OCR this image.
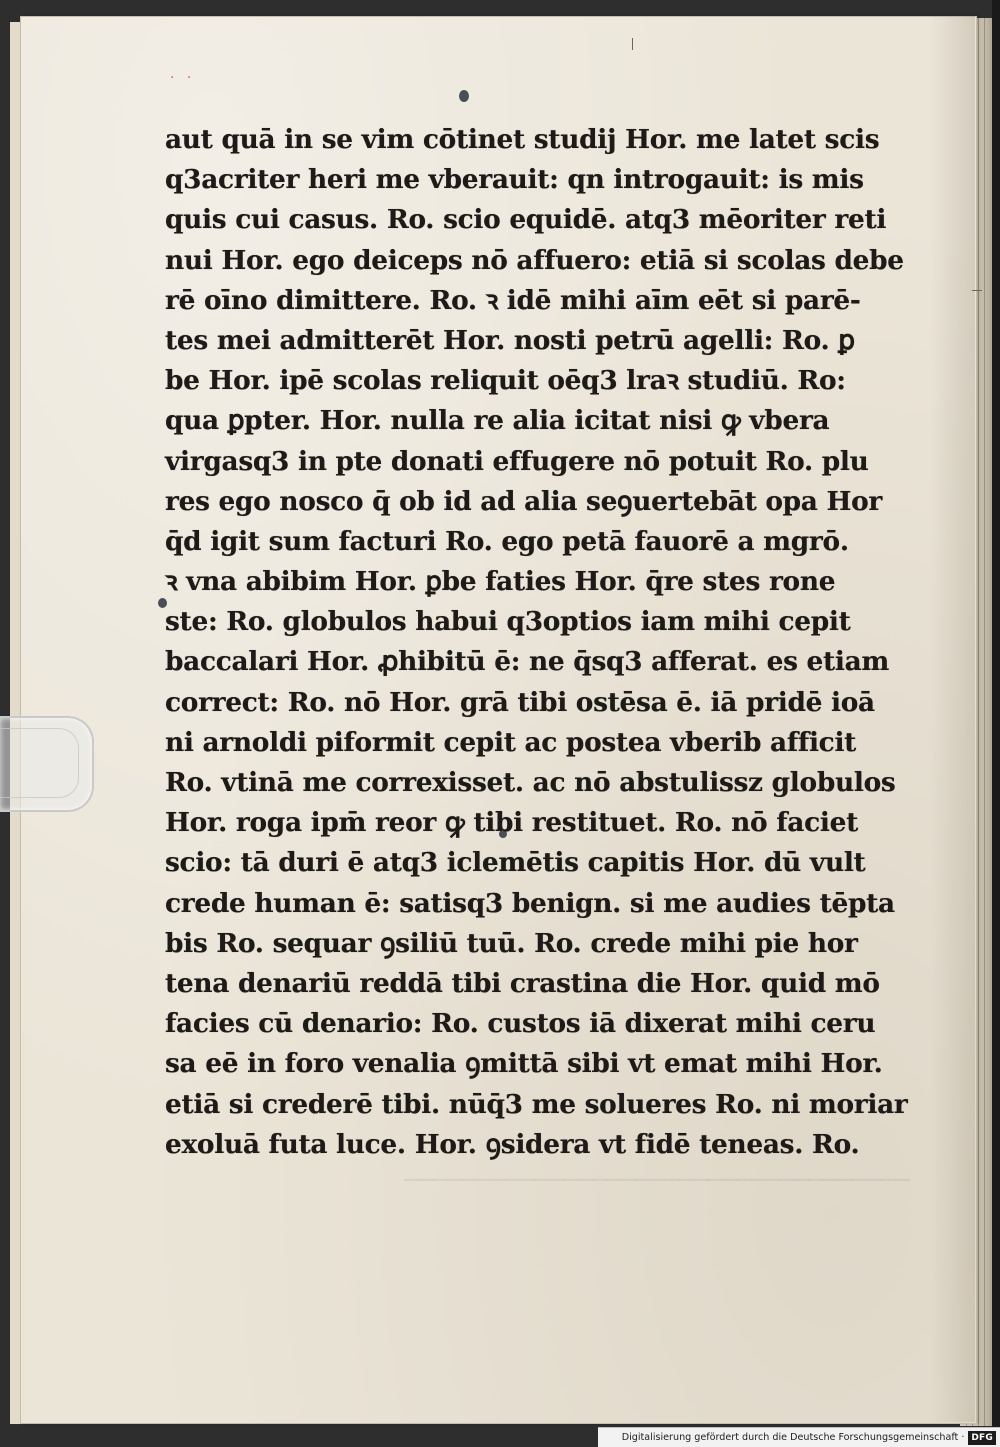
· ·
aut quā in se vim cōtinet studij Hor. me latet scis
q3acriter heri me vberauit: qn introgauit: is mis
quis cui casus. Ro. scio equidē. atq3 mēoriter reti
nui Hor. ego deiceps nō affuero: etiā si scolas debe
rē oīno dimittere. Ro. ꝛ idē mihi aīm eēt si parē-
tes mei admitterēt Hor. nosti petrū agelli: Ro. ꝑ
be Hor. ipē scolas reliquit oēq3 lraꝛ studiū. Ro:
qua ꝑpter. Hor. nulla re alia icitat nisi ꝙ vbera
virgasq3 in pte donati effugere nō potuit Ro. plu
res ego nosco q̄ ob id ad alia seꝯuertebāt opa Hor
q̄d igit sum facturi Ro. ego petā fauorē a mgrō.
ꝛ vna abibim Hor. ꝑbe faties Hor. q̄re stes rone
ste: Ro. globulos habui q3optios iam mihi cepit
baccalari Hor. ꝓhibitū ē: ne q̄sq3 afferat. es etiam
correct: Ro. nō Hor. grā tibi ostēsa ē. iā pridē ioā
ni arnoldi piformit cepit ac postea vberib afficit
Ro. vtinā me correxisset. ac nō abstulissz globulos
Hor. roga ipm̄ reor ꝙ tibi restituet. Ro. nō faciet
scio: tā duri ē atq3 iclemētis capitis Hor. dū vult
crede human ē: satisq3 benign. si me audies tēpta
bis Ro. sequar ꝯsiliū tuū. Ro. crede mihi pie hor
tena denariū reddā tibi crastina die Hor. quid mō
facies cū denario: Ro. custos iā dixerat mihi ceru
sa eē in foro venalia ꝯmittā sibi vt emat mihi Hor.
etiā si crederē tibi. nūq̄3 me solueres Ro. ni moriar
exoluā futa luce. Hor. ꝯsidera vt fidē teneas. Ro.
───────────────────────────────────
Digitalisierung gefördert durch die Deutsche Forschungsgemeinschaft · DFG
